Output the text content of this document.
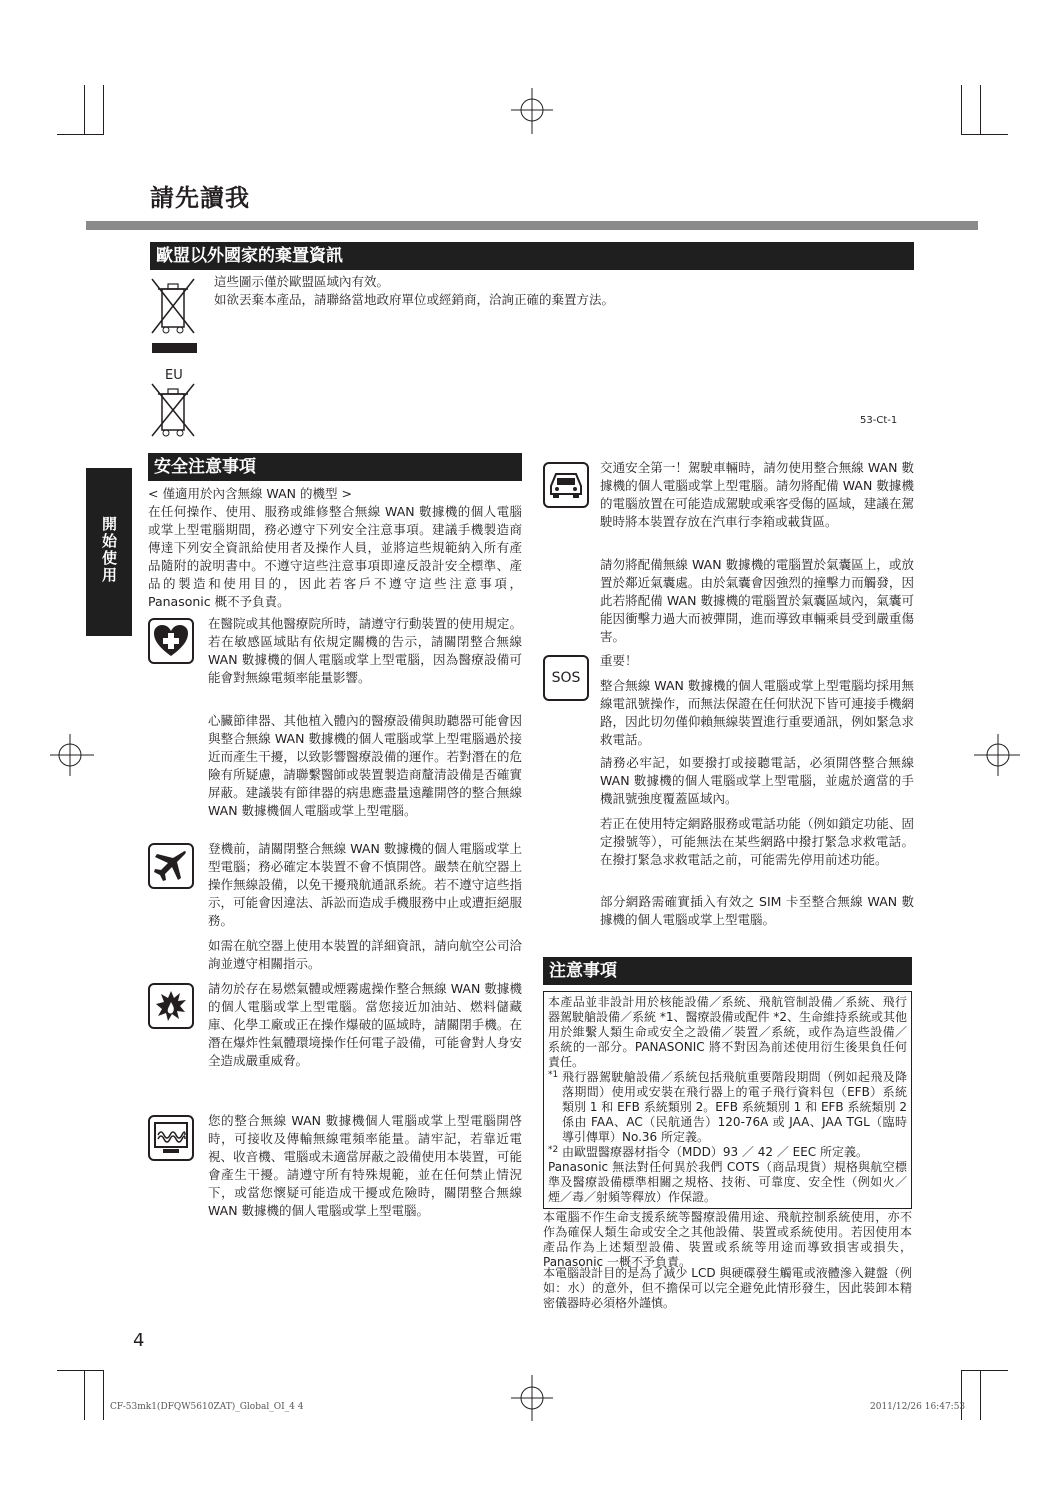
請先讀我
歐盟以外國家的棄置資訊

這些圖示僅於歐盟區域內有效。

如欲丟棄本產品，請聯絡當地政府單位或經銷商，洽詢正確的棄置方法。

EU
53-Ct-1
開始使用
安全注意事項

< 僅適用於內含無線 WAN 的機型 >

在任何操作、使用、服務或維修整合無線 WAN 數據機的個人電腦或掌上型電腦期間，務必遵守下列安全注意事項。建議手機製造商傳達下列安全資訊給使用者及操作人員，並將這些規範納入所有產品隨附的說明書中。不遵守這些注意事項即違反設計安全標準、產品的製造和使用目的，因此若客戶不遵守這些注意事項，Panasonic 概不予負責。

在醫院或其他醫療院所時，請遵守行動裝置的使用規定。若在敏感區域貼有依規定關機的告示，請關閉整合無線 WAN 數據機的個人電腦或掌上型電腦，因為醫療設備可能會對無線電頻率能量影響。

心臟節律器、其他植入體內的醫療設備與助聽器可能會因與整合無線 WAN 數據機的個人電腦或掌上型電腦過於接近而產生干擾，以致影響醫療設備的運作。若對潛在的危險有所疑慮，請聯繫醫師或裝置製造商釐清設備是否確實屏蔽。建議裝有節律器的病患應盡量遠離開啓的整合無線 WAN 數據機個人電腦或掌上型電腦。

登機前，請關閉整合無線 WAN 數據機的個人電腦或掌上型電腦；務必確定本裝置不會不慎開啓。嚴禁在航空器上操作無線設備，以免干擾飛航通訊系統。若不遵守這些指示，可能會因違法、訴訟而造成手機服務中止或遭拒絕服務。

如需在航空器上使用本裝置的詳細資訊，請向航空公司洽詢並遵守相關指示。

請勿於存在易燃氣體或煙霧處操作整合無線 WAN 數據機的個人電腦或掌上型電腦。當您接近加油站、燃料儲藏庫、化學工廠或正在操作爆破的區域時，請關閉手機。在潛在爆炸性氣體環境操作任何電子設備，可能會對人身安全造成嚴重威脅。

您的整合無線 WAN 數據機個人電腦或掌上型電腦開啓時，可接收及傳輸無線電頻率能量。請牢記，若靠近電視、收音機、電腦或未適當屏蔽之設備使用本裝置，可能會產生干擾。請遵守所有特殊規範，並在任何禁止情況下，或當您懷疑可能造成干擾或危險時，關閉整合無線 WAN 數據機的個人電腦或掌上型電腦。

交通安全第一！駕駛車輛時，請勿使用整合無線 WAN 數據機的個人電腦或掌上型電腦。請勿將配備 WAN 數據機的電腦放置在可能造成駕駛或乘客受傷的區域，建議在駕駛時將本裝置存放在汽車行李箱或載貨區。

請勿將配備無線 WAN 數據機的電腦置於氣囊區上，或放置於鄰近氣囊處。由於氣囊會因強烈的撞擊力而觸發，因此若將配備 WAN 數據機的電腦置於氣囊區域內，氣囊可能因衝擊力過大而被彈開，進而導致車輛乘員受到嚴重傷害。

SOS

重要！

整合無線 WAN 數據機的個人電腦或掌上型電腦均採用無線電訊號操作，而無法保證在任何狀況下皆可連接手機網路，因此切勿僅仰賴無線裝置進行重要通訊，例如緊急求救電話。

請務必牢記，如要撥打或接聽電話，必須開啓整合無線 WAN 數據機的個人電腦或掌上型電腦，並處於適當的手機訊號強度覆蓋區域內。

若正在使用特定網路服務或電話功能（例如鎖定功能、固定撥號等），可能無法在某些網路中撥打緊急求救電話。在撥打緊急求救電話之前，可能需先停用前述功能。

部分網路需確實插入有效之 SIM 卡至整合無線 WAN 數據機的個人電腦或掌上型電腦。

注意事項

本產品並非設計用於核能設備／系統、飛航管制設備／系統、飛行器駕駛艙設備／系統 *1、醫療設備或配件 *2、生命維持系統或其他用於維繫人類生命或安全之設備／裝置／系統，或作為這些設備／系統的一部分。PANASONIC 將不對因為前述使用衍生後果負任何責任。

*1 飛行器駕駛艙設備／系統包括飛航重要階段期間（例如起飛及降落期間）使用或安裝在飛行器上的電子飛行資料包（EFB）系統類別 1 和 EFB 系統類別 2。EFB 系統類別 1 和 EFB 系統類別 2 係由 FAA、AC（民航通告）120-76A 或 JAA、JAA TGL（臨時導引傳單）No.36 所定義。

*2 由歐盟醫療器材指令（MDD）93 ／ 42 ／ EEC 所定義。

Panasonic 無法對任何異於我們 COTS（商品現貨）規格與航空標準及醫療設備標準相關之規格、技術、可靠度、安全性（例如火／煙／毒／射頻等釋放）作保證。

本電腦不作生命支援系統等醫療設備用途、飛航控制系統使用，亦不作為確保人類生命或安全之其他設備、裝置或系統使用。若因使用本產品作為上述類型設備、裝置或系統等用途而導致損害或損失，Panasonic 一概不予負責。

本電腦設計目的是為了減少 LCD 與硬碟發生觸電或液體滲入鍵盤（例如：水）的意外，但不擔保可以完全避免此情形發生，因此裝卸本精密儀器時必須格外謹慎。

4
CF-53mk1(DFQW5610ZAT)_Global_OI_4 4	2011/12/26 16:47:53
